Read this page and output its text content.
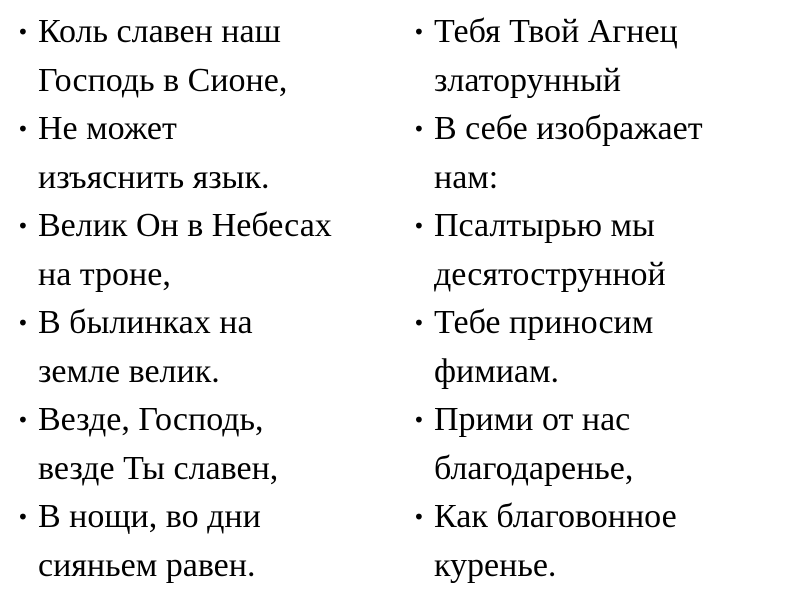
• Коль славен наш
Господь в Сионе,
• Не может
изъяснить язык.
• Велик Он в Небесах
на троне,
• В былинках на
земле велик.
• Везде, Господь,
везде Ты славен,
• В нощи, во дни
сияньем равен.
• Тебя Твой Агнец
златорунный
• В себе изображает
нам:
• Псалтырью мы
десятострунной
• Тебе приносим
фимиам.
• Прими от нас
благодаренье,
• Как благовонное
куренье.
